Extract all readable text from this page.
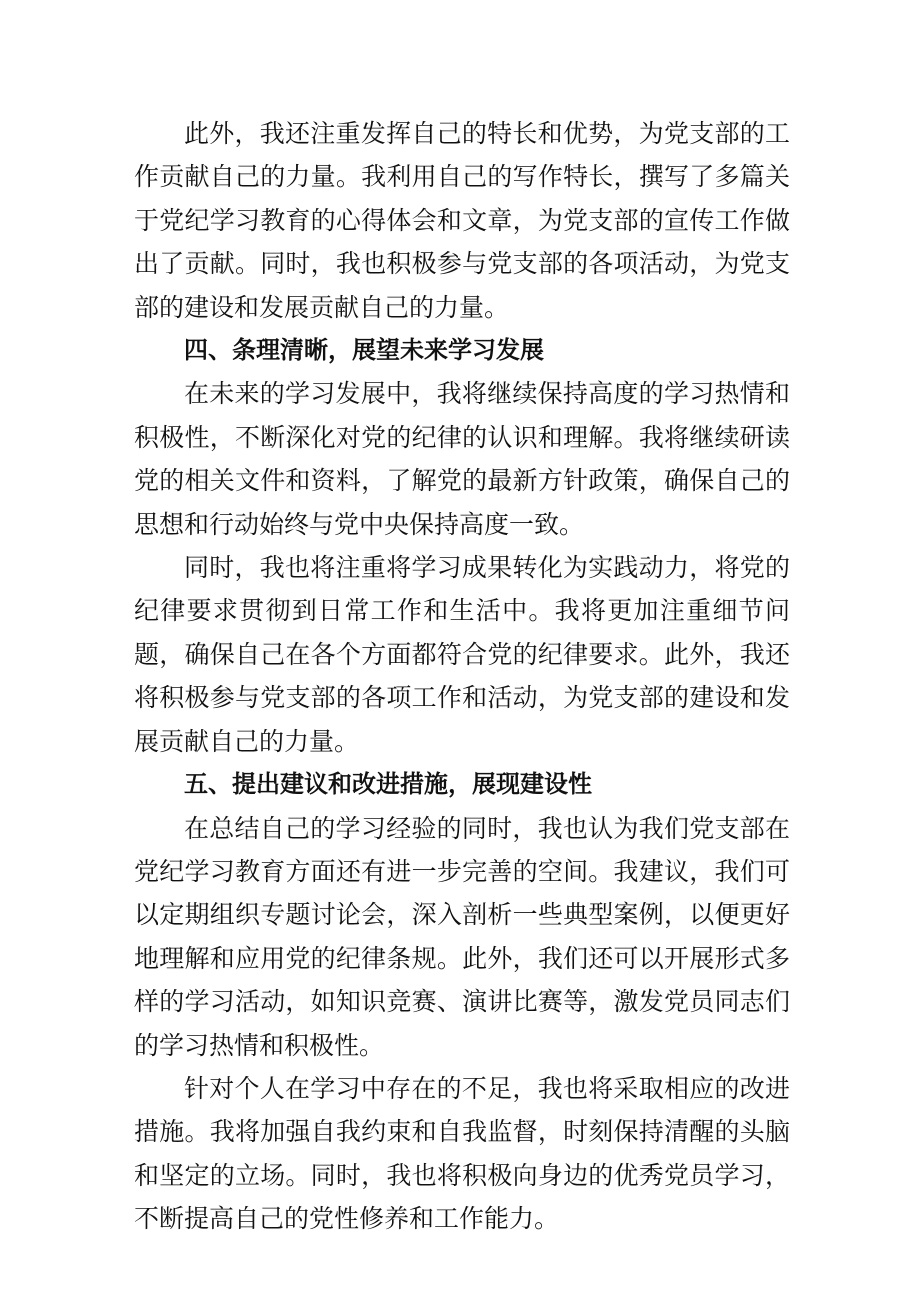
此外，我还注重发挥自己的特长和优势，为党支部的工作贡献自己的力量。我利用自己的写作特长，撰写了多篇关于党纪学习教育的心得体会和文章，为党支部的宣传工作做出了贡献。同时，我也积极参与党支部的各项活动，为党支部的建设和发展贡献自己的力量。

四、条理清晰，展望未来学习发展

在未来的学习发展中，我将继续保持高度的学习热情和积极性，不断深化对党的纪律的认识和理解。我将继续研读党的相关文件和资料，了解党的最新方针政策，确保自己的思想和行动始终与党中央保持高度一致。

同时，我也将注重将学习成果转化为实践动力，将党的纪律要求贯彻到日常工作和生活中。我将更加注重细节问题，确保自己在各个方面都符合党的纪律要求。此外，我还将积极参与党支部的各项工作和活动，为党支部的建设和发展贡献自己的力量。

五、提出建议和改进措施，展现建设性

在总结自己的学习经验的同时，我也认为我们党支部在党纪学习教育方面还有进一步完善的空间。我建议，我们可以定期组织专题讨论会，深入剖析一些典型案例，以便更好地理解和应用党的纪律条规。此外，我们还可以开展形式多样的学习活动，如知识竞赛、演讲比赛等，激发党员同志们的学习热情和积极性。

针对个人在学习中存在的不足，我也将采取相应的改进措施。我将加强自我约束和自我监督，时刻保持清醒的头脑和坚定的立场。同时，我也将积极向身边的优秀党员学习，不断提高自己的党性修养和工作能力。
